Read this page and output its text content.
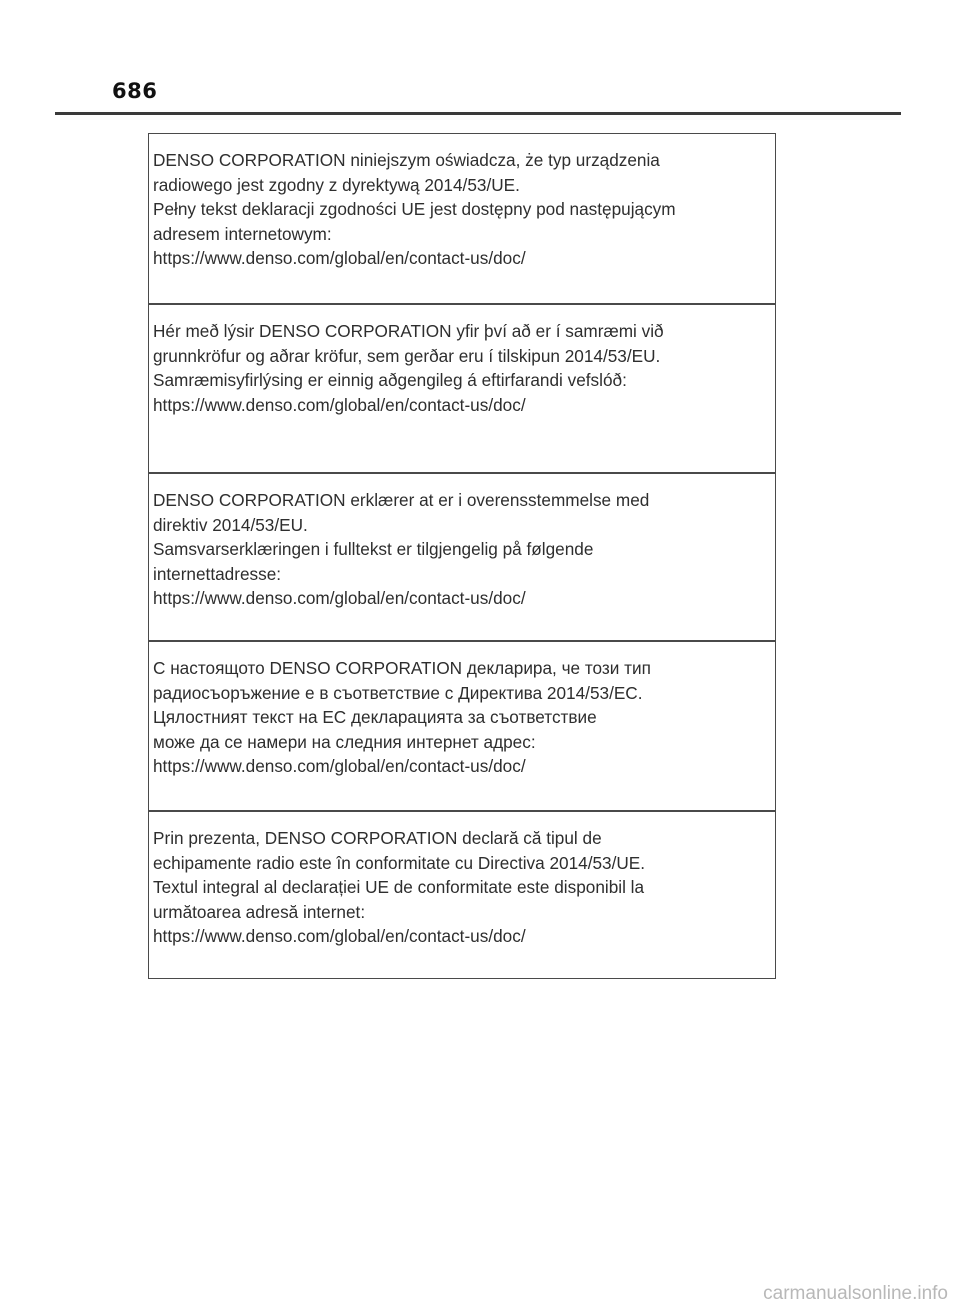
686
DENSO CORPORATION niniejszym oświadcza, że typ urządzenia
radiowego jest zgodny z dyrektywą 2014/53/UE.
Pełny tekst deklaracji zgodności UE jest dostępny pod następującym
adresem internetowym:
https://www.denso.com/global/en/contact-us/doc/
Hér með lýsir DENSO CORPORATION yfir því að er í samræmi við
grunnkröfur og aðrar kröfur, sem gerðar eru í tilskipun 2014/53/EU.
Samræmisyfirlýsing er einnig aðgengileg á eftirfarandi vefslóð:
https://www.denso.com/global/en/contact-us/doc/
DENSO CORPORATION erklærer at er i overensstemmelse med
direktiv 2014/53/EU.
Samsvarserklæringen i fulltekst er tilgjengelig på følgende
internettadresse:
https://www.denso.com/global/en/contact-us/doc/
С настоящото DENSO CORPORATION декларира, че този тип
радиосъоръжение е в съответствие с Директива 2014/53/ЕС.
Цялостният текст на ЕС декларацията за съответствие
може да се намери на следния интернет адрес:
https://www.denso.com/global/en/contact-us/doc/
Prin prezenta, DENSO CORPORATION declară că tipul de
echipamente radio este în conformitate cu Directiva 2014/53/UE.
Textul integral al declarației UE de conformitate este disponibil la
următoarea adresă internet:
https://www.denso.com/global/en/contact-us/doc/
carmanualsonline.info
